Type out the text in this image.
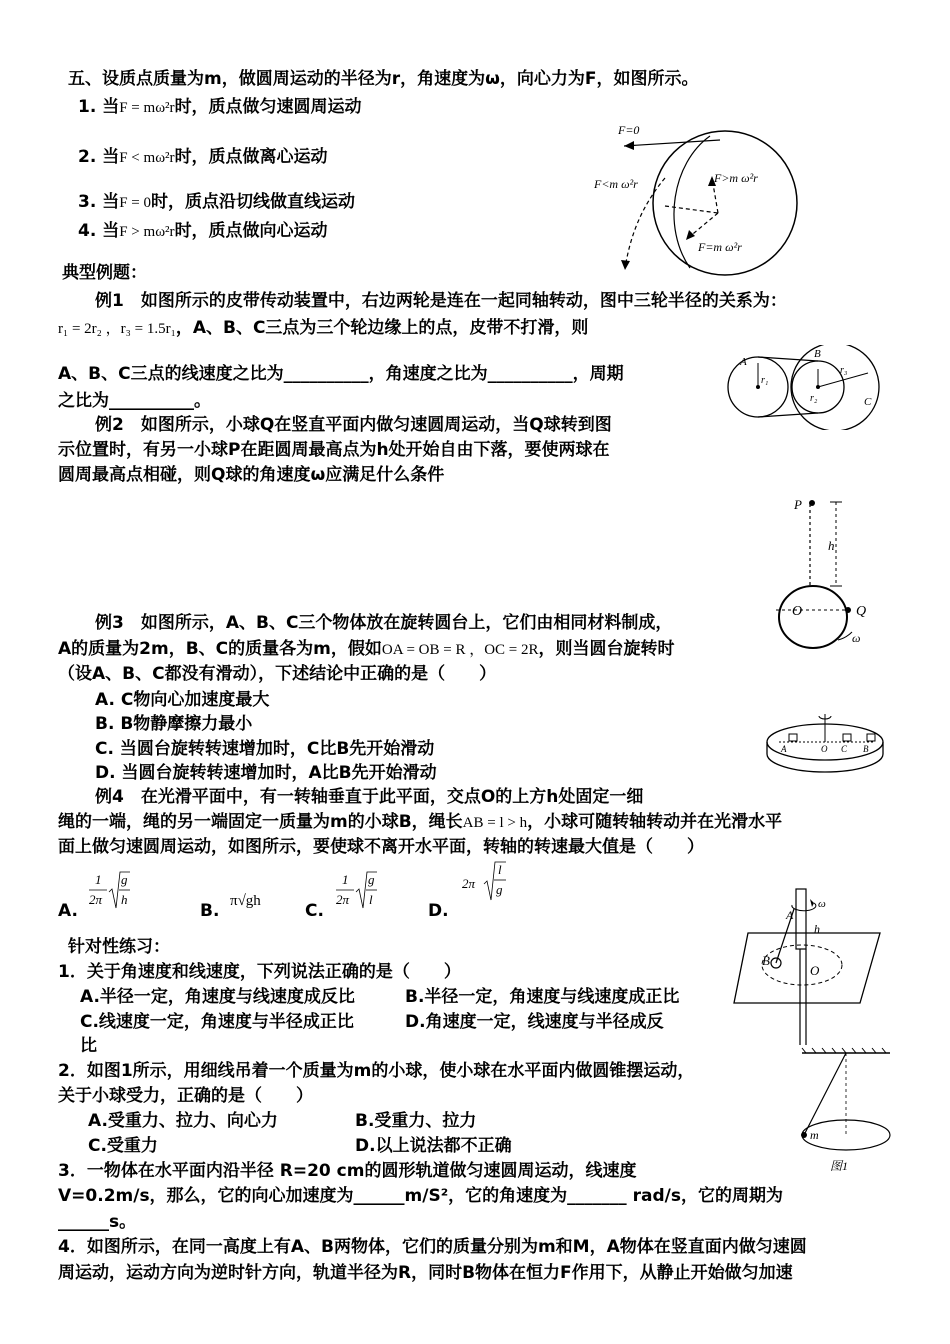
五、设质点质量为m，做圆周运动的半径为r，角速度为ω，向心力为F，如图所示。
1. 当F = mω²r时，质点做匀速圆周运动
2. 当F < mω²r时，质点做离心运动
3. 当F = 0时，质点沿切线做直线运动
4. 当F > mω²r时，质点做向心运动
F=0
F<m ω²r	F>m ω²r
F=m ω²r
典型例题：
例1　如图所示的皮带传动装置中，右边两轮是连在一起同轴转动，图中三轮半径的关系为：
r₁ = 2r₂ ，r₃ = 1.5r₁，A、B、C三点为三个轮边缘上的点，皮带不打滑，则
A、B、C三点的线速度之比为__________，角速度之比为__________，周期
之比为__________。
A
B
C
r₁
r₂
r₃
例2　如图所示，小球Q在竖直平面内做匀速圆周运动，当Q球转到图
示位置时，有另一小球P在距圆周最高点为h处开始自由下落，要使两球在
圆周最高点相碰，则Q球的角速度ω应满足什么条件
P
h
O	Q
ω
例3　如图所示，A、B、C三个物体放在旋转圆台上，它们由相同材料制成，
A的质量为2m，B、C的质量各为m，假如OA = OB = R ，OC = 2R，则当圆台旋转时
（设A、B、C都没有滑动），下述结论中正确的是（　　）
A. C物向心加速度最大
B. B物静摩擦力最小
C. 当圆台旋转转速增加时，C比B先开始滑动
D. 当圆台旋转转速增加时，A比B先开始滑动
A	O C B
例4　在光滑平面中，有一转轴垂直于此平面，交点O的上方h处固定一细
绳的一端，绳的另一端固定一质量为m的小球B，绳长AB = l > h，小球可随转轴转动并在光滑水平
面上做匀速圆周运动，如图所示，要使球不离开水平面，转轴的转速最大值是（　　）
A.
1
2π
g
h
B. π√gh	C.
1
2π
g
l
D.
2π
l
g
ω
A
h
B
O
针对性练习：
1．关于角速度和线速度，下列说法正确的是（　　）
A.半径一定，角速度与线速度成反比	B.半径一定，角速度与线速度成正比
C.线速度一定，角速度与半径成正比	D.角速度一定，线速度与半径成反
比
2．如图1所示，用细线吊着一个质量为m的小球，使小球在水平面内做圆锥摆运动，
关于小球受力，正确的是（　　）
A.受重力、拉力、向心力	B.受重力、拉力
C.受重力	D.以上说法都不正确
m
图1
3．一物体在水平面内沿半径 R=20 cm的圆形轨道做匀速圆周运动，线速度
V=0.2m/s，那么，它的向心加速度为______m/S²，它的角速度为_______ rad/s，它的周期为
______s。
4．如图所示，在同一高度上有A、B两物体，它们的质量分别为m和M，A物体在竖直面内做匀速圆
周运动，运动方向为逆时针方向，轨道半径为R，同时B物体在恒力F作用下，从静止开始做匀加速
